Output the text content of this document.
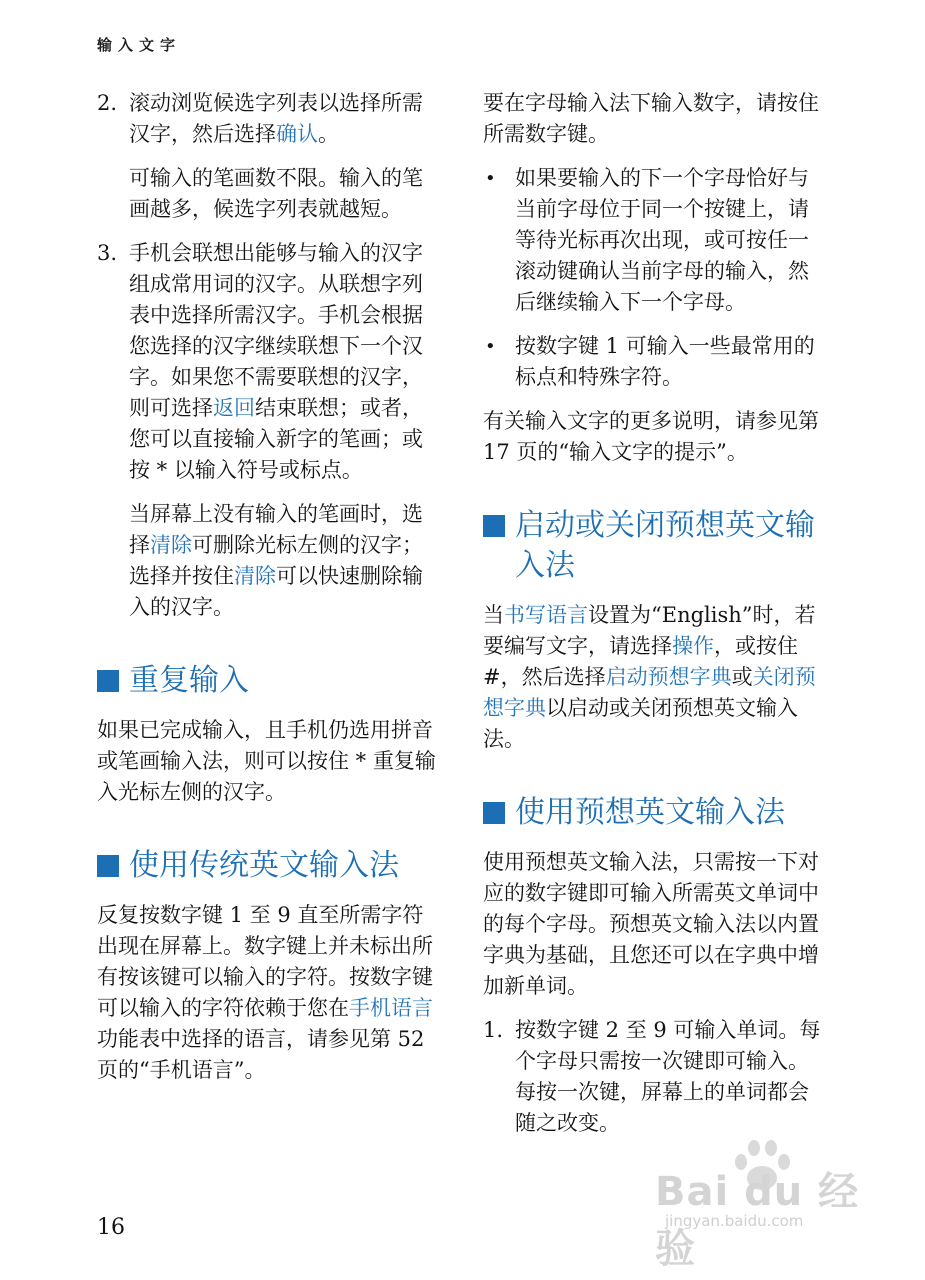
输入文字
2. 滚动浏览候选字列表以选择所需汉字，然后选择确认。
可输入的笔画数不限。输入的笔画越多，候选字列表就越短。
3. 手机会联想出能够与输入的汉字组成常用词的汉字。从联想字列表中选择所需汉字。手机会根据您选择的汉字继续联想下一个汉字。如果您不需要联想的汉字，则可选择返回结束联想；或者，您可以直接输入新字的笔画；或按 * 以输入符号或标点。
当屏幕上没有输入的笔画时，选择清除可删除光标左侧的汉字；选择并按住清除可以快速删除输入的汉字。
重复输入

如果已完成输入，且手机仍选用拼音或笔画输入法，则可以按住 * 重复输入光标左侧的汉字。

使用传统英文输入法

反复按数字键 1 至 9 直至所需字符出现在屏幕上。数字键上并未标出所有按该键可以输入的字符。按数字键可以输入的字符依赖于您在手机语言功能表中选择的语言，请参见第 52 页的“手机语言”。

要在字母输入法下输入数字，请按住所需数字键。

• 如果要输入的下一个字母恰好与当前字母位于同一个按键上，请等待光标再次出现，或可按任一滚动键确认当前字母的输入，然后继续输入下一个字母。
• 按数字键 1 可输入一些最常用的标点和特殊字符。

有关输入文字的更多说明，请参见第 17 页的“输入文字的提示”。

启动或关闭预想英文输入法

当书写语言设置为“English”时，若要编写文字，请选择操作，或按住 #，然后选择启动预想字典或关闭预想字典以启动或关闭预想英文输入法。

使用预想英文输入法

使用预想英文输入法，只需按一下对应的数字键即可输入所需英文单词中的每个字母。预想英文输入法以内置字典为基础，且您还可以在字典中增加新单词。

1. 按数字键 2 至 9 可输入单词。每个字母只需按一次键即可输入。每按一次键，屏幕上的单词都会随之改变。
16
Bai du 经验
jingyan.baidu.com
